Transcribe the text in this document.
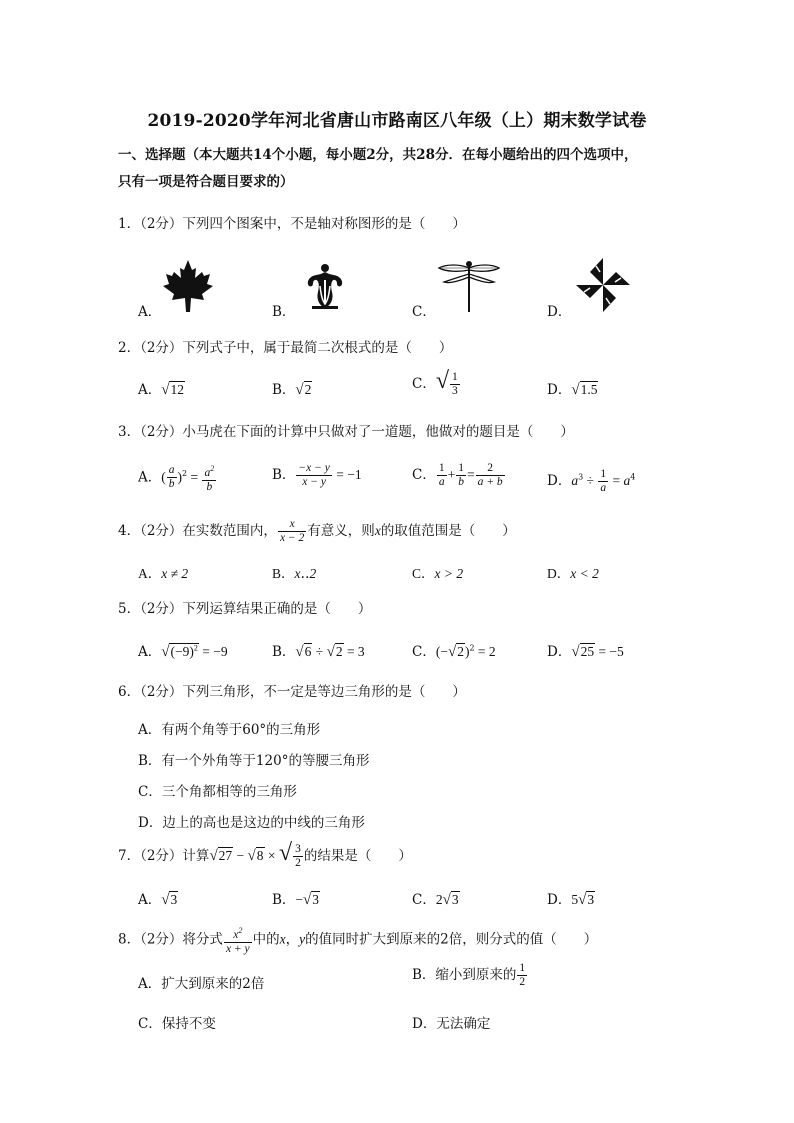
2019-2020学年河北省唐山市路南区八年级（上）期末数学试卷
一、选择题（本大题共14个小题，每小题2分，共28分．在每小题给出的四个选项中，
只有一项是符合题目要求的）
1．（2分）下列四个图案中，不是轴对称图形的是（　　）
A．	B．	C．	D．
2．（2分）下列式子中，属于最简二次根式的是（　　）
A．√12	B．√2	C．√ $\frac{1}{3}$	D．√1.5
3．（2分）小马虎在下面的计算中只做对了一道题，他做对的题目是（　　）
A．( $\frac{a}{b} )^2 = \frac{a^2}{b}$	B． $\frac{-x - y}{x - y} = -1$	C． $\frac{1}{a} + \frac{1}{b} = \frac{2}{a + b}$	D．$a^3 \div \frac{1}{a} = a^4$
4．（2分）在实数范围内， $\frac{x}{x - 2}$ 有意义，则x的取值范围是（　　）
A．x ≠ 2	B．x‥2	C．x > 2	D．x < 2
5．（2分）下列运算结果正确的是（　　）
A．$√(-9)^2 = -9$	B．√6 ÷ √2 = 3	C．$(-√2)^2 = 2$	D．√25 = −5
6．（2分）下列三角形，不一定是等边三角形的是（　　）
A．有两个角等于60°的三角形
B．有一个外角等于120°的等腰三角形
C．三个角都相等的三角形
D．边上的高也是这边的中线的三角形
7．（2分）计算√27 − √8 × √ $\frac{3}{2}$ 的结果是（　　）
A．√3	B．−√3	C．2√3	D．5√3
8．（2分）将分式 $\frac{x^2}{x + y}$ 中的x，y的值同时扩大到原来的2倍，则分式的值（　　）
A．扩大到原来的2倍
B．缩小到原来的 $\frac{1}{2}$
C．保持不变	D．无法确定
